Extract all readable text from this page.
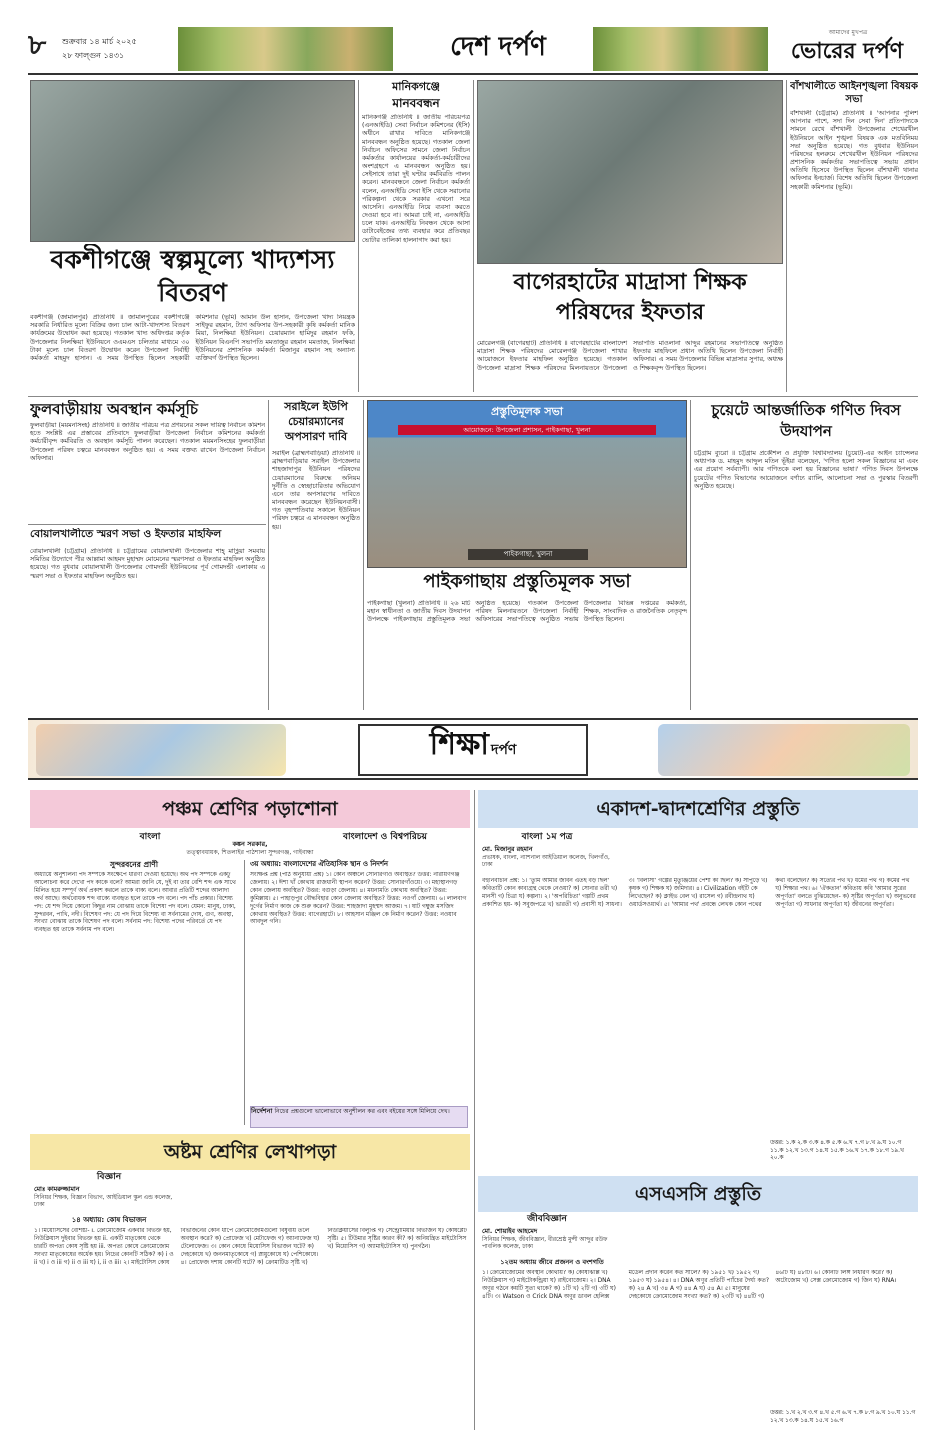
৮	শুক্রবার ১৪ মার্চ ২০২৫
২৮ ফাল্গুন ১৪৩১	দেশ দর্পণ	আমাদের মুখপত্র
ভোরের দর্পণ
বকশীগঞ্জে স্বল্পমূল্যে খাদ্যশস্য বিতরণ
বকশীগঞ্জ (জামালপুর) প্রতিনিধি ॥ জামালপুরের বকশীগঞ্জে সরকারি নির্ধারিত মূল্যে বিক্রির জন্য চাল আটা-খাদ্যশস্য বিতরণ কার্যক্রমের উদ্বোধন করা হয়েছে। গতকাল খাদ্য অধিদপ্তর কর্তৃক উপজেলার নিলক্ষিয়া ইউনিয়নে ওএমএস চলিতার মাধ্যমে ৩০ টাকা মূল্যে চাল বিতরণ উদ্বোধন করেন উপজেলা নির্বাহী কর্মকর্তা মাহমুদ হাসান। এ সময় উপস্থিত ছিলেন সহকারী কমিশনার (ভূমি) আমান উল হাসান, উপজেলা খাদ্য নিয়ন্ত্রক সাইফুর রহমান, ট্যাগ অফিসার উপ-সহকারী কৃষি কর্মকর্তা মানিক মিয়া, নিলক্ষিয়া ইউনিয়ন। চেয়ারম্যান হামিদুর রহমান ফকি, ইউনিয়ন বিএনপি সভাপতি মমতাজুর রহমান মমতাজ, নিলক্ষিয়া ইউনিয়নের প্রশাসনিক কর্মকর্তা মিজানুর রহমান সহ অন্যান্য ব্যক্তিবর্গ উপস্থিত ছিলেন।
মানিকগঞ্জে
মানববন্ধন
মানিকগঞ্জ প্রতিনিধি ॥ জাতীয় পরিচয়পত্র (এনআইডি) সেবা নির্বাচন কমিশনের (ইসি) অধীনে রাখার দাবিতে মানিকগঞ্জে মানববন্ধন অনুষ্ঠিত হয়েছে। গতকাল জেলা নির্বাচন অফিসের সামনে জেলা নির্বাচন কর্মকর্তার কার্যালয়ের কর্মকর্তা-কর্মচারীদের অংশগ্রহণে এ মানববন্ধন অনুষ্ঠিত হয়। সেইসাথে তারা দুই ঘণ্টার কর্মবিরতি পালন করেন। মানববন্ধনে জেলা নির্বাচন কর্মকর্তা বলেন, এনআইডি সেবা ইসি থেকে সরানোর পরিকল্পনা থেকে সরকার এখনো সরে আসেনি। এনআইডি নিয়ে ব্যবসা করতে দেওয়া হবে না। আমরা চাই না, এনআইডি চলে যাক। এনআইডি নিবন্ধন থেকে আসা ডাটাবেইজের তথ্য ব্যবহার করে প্রতিবছর ভোটার তালিকা হালনাগাদ করা হয়।
বাগেরহাটের মাদ্রাসা শিক্ষক পরিষদের ইফতার
মোরেলগঞ্জ (বাগেরহাট) প্রতিনিধি ॥ বাগেরহাটের বাংলাদেশ মাদ্রাসা শিক্ষক পরিষদের মোরেলগঞ্জ উপজেলা শাখার আয়োজনে ইফতার মাহফিল অনুষ্ঠিত হয়েছে। গতকাল উপজেলা মাদ্রাসা শিক্ষক পরিষদের মিলনায়তনে উপজেলা সভাপতি মাওলানা আব্দুর রহমানের সভাপতিত্বে অনুষ্ঠিত ইফতার মাহফিলে প্রধান অতিথি ছিলেন উপজেলা নির্বাহী অফিসার। এ সময় উপজেলার বিভিন্ন মাদ্রাসার সুপার, অধ্যক্ষ ও শিক্ষকবৃন্দ উপস্থিত ছিলেন।
বাঁশখালীতে আইনশৃঙ্খলা বিষয়ক সভা
বাঁশখালী (চট্টগ্রাম) প্রতিনিধি ॥ 'আপনার পুলিশ আপনার পাশে, সদা দিন সেবা দিন' প্রতিপাদ্যকে সামনে রেখে বাঁশখালী উপজেলার শেখেরখীল ইউনিয়নে আইন শৃঙ্খলা বিষয়ক এক মতবিনিময় সভা অনুষ্ঠিত হয়েছে। গত বুধবার ইউনিয়ন পরিষদের হলরুমে শেখেরখীল ইউনিয়ন পরিষদের প্রশাসনিক কর্মকর্তার সভাপতিত্বে সভায় প্রধান অতিথি হিসেবে উপস্থিত ছিলেন বাঁশখালী থানার অফিসার ইনচার্জ। বিশেষ অতিথি ছিলেন উপজেলা সহকারী কমিশনার (ভূমি)।
ফুলবাড়ীয়ায় অবস্থান কর্মসূচি
ফুলবাড়ীয়া (ময়মনসিংহ) প্রতিনিধি ॥ জাতীয় পরিচয় পত্র প্রণয়নের সকল দায়িত্ব নির্বাচন কমিশন হতে সংশ্লিষ্ট এর প্রস্তাবের প্রতিবাদে ফুলবাড়ীয়া উপজেলা নির্বাচন কমিশনের কর্মকর্তা কর্মচারীবৃন্দ কর্মবিরতি ও অবস্থান কর্মসূচি পালন করেছেন। গতকাল ময়মনসিংহের ফুলবাড়ীয়া উপজেলা পরিষদ চত্বরে মানববন্ধন অনুষ্ঠিত হয়। এ সময় বক্তব্য রাখেন উপজেলা নির্বাচন অফিসার।
সরাইলে ইউপি চেয়ারম্যানের অপসারণ দাবি
সরাইল (ব্রাহ্মণবাড়িয়া) প্রতিনিধি ॥ ব্রাহ্মণবাড়িয়ার সরাইল উপজেলার শাহজাদাপুর ইউনিয়ন পরিষদের চেয়ারম্যানের বিরুদ্ধে অনিয়ম দুর্নীতি ও স্বেচ্ছাচারিতার অভিযোগ এনে তার অপসারণের দাবিতে মানববন্ধন করেছেন ইউনিয়নবাসী। গত বৃহস্পতিবার সকালে ইউনিয়ন পরিষদ চত্বরে এ মানববন্ধন অনুষ্ঠিত হয়।
বোয়ালখালীতে স্মরণ সভা ও ইফতার মাহফিল
বোয়ালখালী (চট্টগ্রাম) প্রতিনিধি ॥ চট্টগ্রামের বোয়ালখালী উপজেলার শাহ্ মাহ্লিয়া সমবায় সমিতির উদ্যোগে পীর আল্লামা আহমদ মুহাম্মদ মোমেনের স্মরণসভা ও ইফতার মাহফিল অনুষ্ঠিত হয়েছে। গত বুধবার বোয়ালখালী উপজেলার গোমদন্ডী ইউনিয়নের পূর্ব গোমদন্ডী এলাকায় এ স্মরণ সভা ও ইফতার মাহফিল অনুষ্ঠিত হয়।
প্রস্তুতিমূলক সভা
আয়োজনে: উপজেলা প্রশাসন, পাইকগাছা, খুলনা
পাইকগাছা, খুলনা
পাইকগাছায় প্রস্তুতিমূলক সভা
পাইকগাছা (খুলনা) প্রতিনিধি ॥ ২৬ মার্চ মহান স্বাধীনতা ও জাতীয় দিবস উদযাপন উপলক্ষে পাইকগাছায় প্রস্তুতিমূলক সভা অনুষ্ঠিত হয়েছে। গতকাল উপজেলা পরিষদ মিলনায়তনে উপজেলা নির্বাহী অফিসারের সভাপতিত্বে অনুষ্ঠিত সভায় উপজেলার বিভিন্ন দপ্তরের কর্মকর্তা, শিক্ষক, সাংবাদিক ও রাজনৈতিক নেতৃবৃন্দ উপস্থিত ছিলেন।
চুয়েটে আন্তর্জাতিক গণিত দিবস উদযাপন
চট্টগ্রাম ব্যুরো ॥ চট্টগ্রাম প্রকৌশল ও প্রযুক্তি বিশ্ববিদ্যালয় (চুয়েট)-এর আইন চ্যান্সেলর অধ্যাপক ড. মাহমুদ আব্দুল মতিন ভূঁইয়া বলেছেন, 'গণিত হলো সকল বিজ্ঞানের মা এবং এর প্রয়োগ সর্বব্যাপী। আর গণিতকে বলা হয় বিজ্ঞানের ভাষা।' গণিত দিবস উপলক্ষে চুয়েটের গণিত বিভাগের আয়োজনে বর্ণাঢ্য র‍্যালি, আলোচনা সভা ও পুরস্কার বিতরণী অনুষ্ঠিত হয়েছে।
শিক্ষা দর্পণ
পঞ্চম শ্রেণির পড়াশোনা
বাংলা	বাংলাদেশ ও বিশ্বপরিচয়
কঙ্কন সরকার,
তত্ত্বাবধায়ক, শিতলাইর পাঠশালা সুন্দরগঞ্জ, গাইবান্ধা
সুন্দরবনের প্রাণী	৩য় অধ্যায়: বাংলাদেশের ঐতিহাসিক স্থান ও নিদর্শন
অধ্যায়ে অনুশীলনী পদ সম্পর্কে সংক্ষেপে ধারণা দেওয়া হয়েছে। অর্থ পদ সম্পর্কে একটু আলোচনা করে দেখো পদ কাকে বলে? আমরা জানি যে, দুই বা তার বেশি শব্দ এক সাথে মিলিত হয়ে সম্পূর্ণ অর্থ প্রকাশ করলে তাকে বাক্য বলে। আবার প্রতিটি শব্দের আলাদা অর্থ আছে। অর্থবোধক শব্দ বাক্যে ব্যবহৃত হলে তাকে পদ বলে। পদ পাঁচ প্রকার। বিশেষ্য পদ: যে শব্দ দিয়ে কোনো কিছুর নাম বোঝায় তাকে বিশেষ্য পদ বলে। যেমন: মানুষ, ঢাকা, সুন্দরবন, পাখি, নদী। বিশেষণ পদ: যে পদ দিয়ে বিশেষ্য বা সর্বনামের দোষ, গুণ, অবস্থা, সংখ্যা বোঝায় তাকে বিশেষণ পদ বলে। সর্বনাম পদ: বিশেষ্য পদের পরিবর্তে যে পদ ব্যবহৃত হয় তাকে সর্বনাম পদ বলে।
সংক্ষিপ্ত প্রশ্ন (পাঠ অনুযায়ী প্রশ্ন) ১। কোন অঞ্চলে সোনারগাঁও অবস্থিত? উত্তর: নারায়ণগঞ্জ জেলায়। ২। ঈশা খাঁ কোথায় রাজধানী স্থাপন করেন? উত্তর: সোনারগাঁওয়ে। ৩। মহাস্থানগড় কোন জেলায় অবস্থিত? উত্তর: বগুড়া জেলায়। ৪। ময়নামতি কোথায় অবস্থিত? উত্তর: কুমিল্লায়। ৫। পাহাড়পুর বৌদ্ধবিহার কোন জেলায় অবস্থিত? উত্তর: নওগাঁ জেলায়। ৬। লালবাগ দুর্গের নির্মাণ কাজ কে শুরু করেন? উত্তর: শাহজাদা মুহম্মদ আজম। ৭। ষাট গম্বুজ মসজিদ কোথায় অবস্থিত? উত্তর: বাগেরহাটে। ৮। আহসান মঞ্জিল কে নির্মাণ করেন? উত্তর: নওয়াব আবদুল গনি।
নির্দেশনা নিচের প্রশ্নগুলো ভালোভাবে অনুশীলন কর এবং বইয়ের সঙ্গে মিলিয়ে দেখ।
অষ্টম শ্রেণির লেখাপড়া
বিজ্ঞান
মোঃ কামরুজ্জামান
সিনিয়র শিক্ষক, বিজ্ঞান বিভাগ, আইডিয়াল স্কুল এন্ড কলেজ, ঢাকা
১৪ অধ্যায়: কোষ বিভাজন
১। মিয়োসিসের বৈশিষ্ট্য- i. ক্রোমোজোম একবার বিভক্ত হয়, নিউক্লিয়াস দুইবার বিভক্ত হয় ii. একটি মাতৃকোষ থেকে চারটি অপত্য কোষ সৃষ্টি হয় iii. অপত্য কোষে ক্রোমোজোম সংখ্যা মাতৃকোষের অর্ধেক হয়। নিচের কোনটি সঠিক? ক) i ও ii খ) i ও iii গ) ii ও iii ঘ) i, ii ও iii। ২। মাইটোসিস কোষ বিভাজনের কোন ধাপে ক্রোমোজোমগুলো বিষুবীয় তলে অবস্থান করে? ক) প্রোফেজ খ) মেটাফেজ গ) অ্যানাফেজ ঘ) টেলোফেজ। ৩। কোন কোষে মিয়োসিস বিভাজন ঘটে? ক) দেহকোষে খ) জননমাতৃকোষে গ) স্নায়ুকোষে ঘ) পেশিকোষে। ৪। প্রোফেজ দশায় কোনটি ঘটে? ক) ক্রোমাটিড সৃষ্টি খ) নিউক্লিয়াসের বিলুপ্তি গ) সেন্ট্রোমিয়ার বিভাজন ঘ) কোষপ্লেট সৃষ্টি। ৫। টিউমার সৃষ্টির কারণ কী? ক) অনিয়ন্ত্রিত মাইটোসিস খ) মিয়োসিস গ) অ্যামাইটোসিস ঘ) পুনর্গঠন।
একাদশ-দ্বাদশশ্রেণির প্রস্তুতি
বাংলা ১ম পত্র
মো. মিজানুর রহমান
প্রভাষক, বাংলা, ন্যাশনাল আইডিয়াল কলেজ, খিলগাঁও, ঢাকা
বহুনির্বাচনি প্রশ্ন: ১। 'তুমি আমার জীবন এতই বড় ছিল' কবিতাটি কোন কাব্যগ্রন্থ থেকে নেওয়া? ক) সোনার তরী খ) মানসী গ) চিত্রা ঘ) কল্পনা। ২। 'অপরিচিতা' গল্পটি প্রথম প্রকাশিত হয়- ক) সবুজপত্রে খ) ভারতী গ) প্রবাসী ঘ) সাধনা। ৩। 'বিলাসী' গল্পের মৃত্যুঞ্জয়ের পেশা কী ছিল? ক) সাপুড়ে খ) কৃষক গ) শিক্ষক ঘ) জমিদার। ৪। Civilization বইটি কে লিখেছেন? ক) ক্লাইভ বেল খ) রাসেল গ) রবীন্দ্রনাথ ঘ) ওয়ার্ডসওয়ার্থ। ৫। 'আমার পথ' প্রবন্ধে লেখক কোন পথের কথা বলেছেন? ক) সত্যের পথ খ) ধর্মের পথ গ) কর্মের পথ ঘ) শিক্ষার পথ। ৬। 'ঐকতান' কবিতায় কবি 'আমার সুরের অপূর্ণতা' বলতে বুঝিয়েছেন- ক) সৃষ্টির অপূর্ণতা খ) অনুভবের অপূর্ণতা গ) সাধনার অপূর্ণতা ঘ) জীবনের অপূর্ণতা।
উত্তর: ১.ক ২.ক ৩.ক ৪.ক ৫.ক ৬.খ ৭.গ ৮.খ ৯.ঘ ১০.গ ১১.ক ১২.খ ১৩.গ ১৪.ঘ ১৫.ক ১৬.খ ১৭.ক ১৮.গ ১৯.খ ২০.ক
এসএসসি প্রস্তুতি
জীববিজ্ঞান
মো. শোয়াইব আহমেদ
সিনিয়র শিক্ষক, জীববিজ্ঞান, বীরশ্রেষ্ঠ মুন্সী আব্দুর রউফ পাবলিক কলেজ, ঢাকা
১২তম অধ্যায় জীবে প্রজনন ও বংশগতি
১। ক্রোমোজোমের অবস্থান কোথায়? ক) কোষঝিল্লি খ) নিউক্লিয়াস গ) মাইটোকন্ড্রিয়া ঘ) রাইবোজোম। ২। DNA অণুর গঠনে কয়টি সুতা থাকে? ক) ১টি খ) ২টি গ) ৩টি ঘ) ৪টি। ৩। Watson ও Crick DNA অণুর ডাবল হেলিক্স মডেল প্রদান করেন কত সালে? ক) ১৯৫১ খ) ১৯৫২ গ) ১৯৫৩ ঘ) ১৯৫৪। ৪। DNA অণুর প্রতিটি প্যাঁচের দৈর্ঘ্য কত? ক) ২৪ A খ) ৩৪ A গ) ৪৪ A ঘ) ৫৪ A। ৫। মানুষের দেহকোষে ক্রোমোজোম সংখ্যা কত? ক) ২৩টি খ) ৪৪টি গ) ৪৬টি ঘ) ৪৮টি। ৬। কোনটি লিঙ্গ নির্ধারণ করে? ক) অটোজোম খ) সেক্স ক্রোমোজোম গ) জিন ঘ) RNA।
উত্তর: ১.খ ২.খ ৩.গ ৪.খ ৫.গ ৬.খ ৭.ক ৮.গ ৯.খ ১০.ঘ ১১.গ ১২.খ ১৩.ক ১৪.ঘ ১৫.খ ১৬.গ
